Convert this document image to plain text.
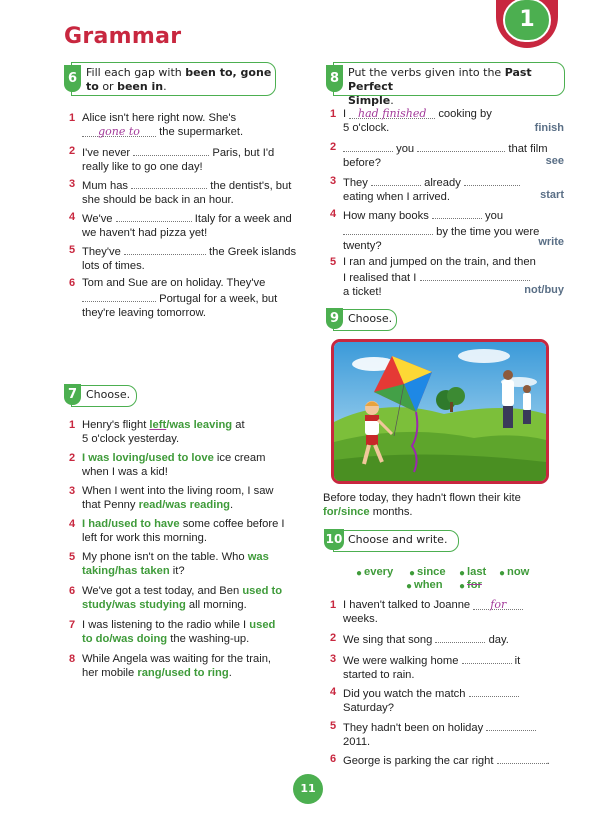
Grammar
1
6 Fill each gap with been to, gone
to or been in.
1 Alice isn't here right now. She's
gone to the supermarket.
2 I've never	Paris, but I'd
really like to go one day!
3 Mum has	the dentist's, but
she should be back in an hour.
4 We've	Italy for a week and
we haven't had pizza yet!
5 They've	the Greek islands
lots of times.
6 Tom and Sue are on holiday. They've
Portugal for a week, but
they're leaving tomorrow.
7 Choose.
1 Henry's flight left/was leaving at
5 o'clock yesterday.
2 I was loving/used to love ice cream
when I was a kid!
3 When I went into the living room, I saw
that Penny read/was reading.
4 I had/used to have some coffee before I
left for work this morning.
5 My phone isn't on the table. Who was
taking/has taken it?
6 We've got a test today, and Ben used to
study/was studying all morning.
7 I was listening to the radio while I used
to do/was doing the washing-up.
8 While Angela was waiting for the train,
her mobile rang/used to ring.
8 Put the verbs given into the Past Perfect
Simple.
1 I had finished cooking by
5 o'clock.	finish
2	you	that film
before?	see
3 They	already
eating when I arrived.	start
4 How many books	you
by the time you were
twenty?	write
5 I ran and jumped on the train, and then
I realised that I
a ticket!	not/buy
9 Choose.
Before today, they hadn't flown their kite
for/since months.
10 Choose and write.
every since last now
when for
●	●	●	●
●	●
1 I haven't talked to Joanne for
weeks.
2 We sing that song	day.
3 We were walking home	it
started to rain.
4 Did you watch the match
Saturday?
5 They hadn't been on holiday
2011.
6 George is parking the car right	.
11
